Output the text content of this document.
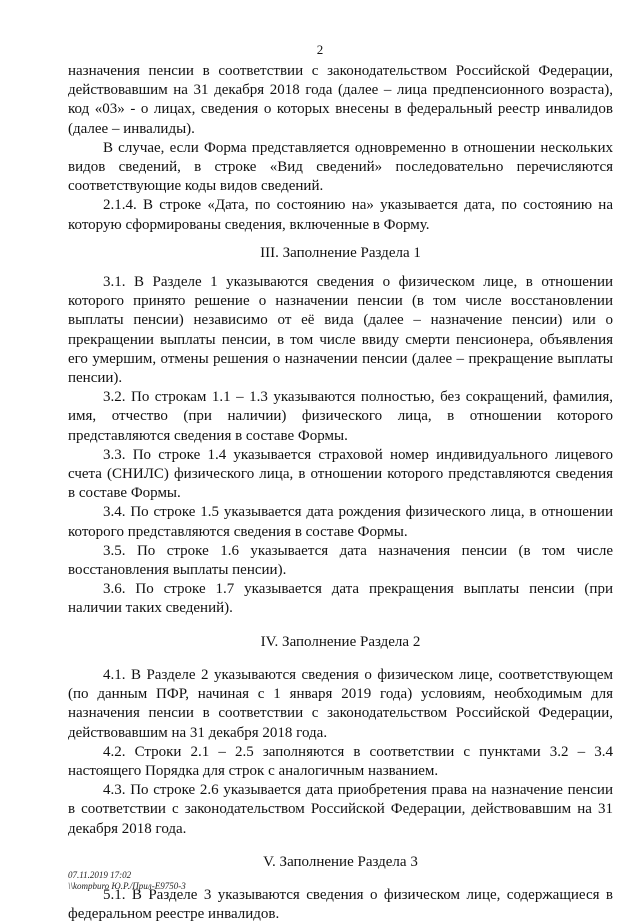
2

назначения пенсии в соответствии с законодательством Российской Федерации, действовавшим на 31 декабря 2018 года (далее – лица предпенсионного возраста), код «03» - о лицах, сведения о которых внесены в федеральный реестр инвалидов (далее – инвалиды).

В случае, если Форма представляется одновременно в отношении нескольких видов сведений, в строке «Вид сведений» последовательно перечисляются соответствующие коды видов сведений.

2.1.4. В строке «Дата, по состоянию на» указывается дата, по состоянию на которую сформированы сведения, включенные в Форму.

III. Заполнение Раздела 1

3.1. В Разделе 1 указываются сведения о физическом лице, в отношении которого принято решение о назначении пенсии (в том числе восстановлении выплаты пенсии) независимо от её вида (далее – назначение пенсии) или о прекращении выплаты пенсии, в том числе ввиду смерти пенсионера, объявления его умершим, отмены решения о назначении пенсии (далее – прекращение выплаты пенсии).

3.2. По строкам 1.1 – 1.3 указываются полностью, без сокращений, фамилия, имя, отчество (при наличии) физического лица, в отношении которого представляются сведения в составе Формы.

3.3. По строке 1.4 указывается страховой номер индивидуального лицевого счета (СНИЛС) физического лица, в отношении которого представляются сведения в составе Формы.

3.4. По строке 1.5 указывается дата рождения физического лица, в отношении которого представляются сведения в составе Формы.

3.5. По строке 1.6 указывается дата назначения пенсии (в том числе восстановления выплаты пенсии).

3.6. По строке 1.7 указывается дата прекращения выплаты пенсии (при наличии таких сведений).

IV. Заполнение Раздела 2

4.1. В Разделе 2 указываются сведения о физическом лице, соответствующем (по данным ПФР, начиная с 1 января 2019 года) условиям, необходимым для назначения пенсии в соответствии с законодательством Российской Федерации, действовавшим на 31 декабря 2018 года.

4.2. Строки 2.1 – 2.5 заполняются в соответствии с пунктами 3.2 – 3.4 настоящего Порядка для строк с аналогичным названием.

4.3. По строке 2.6 указывается дата приобретения права на назначение пенсии в соответствии с законодательством Российской Федерации, действовавшим на 31 декабря 2018 года.

V. Заполнение Раздела 3

5.1. В Разделе 3 указываются сведения о физическом лице, содержащиеся в федеральном реестре инвалидов.

07.11.2019 17:02
\\kompburo Ю.Р./Прил-Е9750-3
